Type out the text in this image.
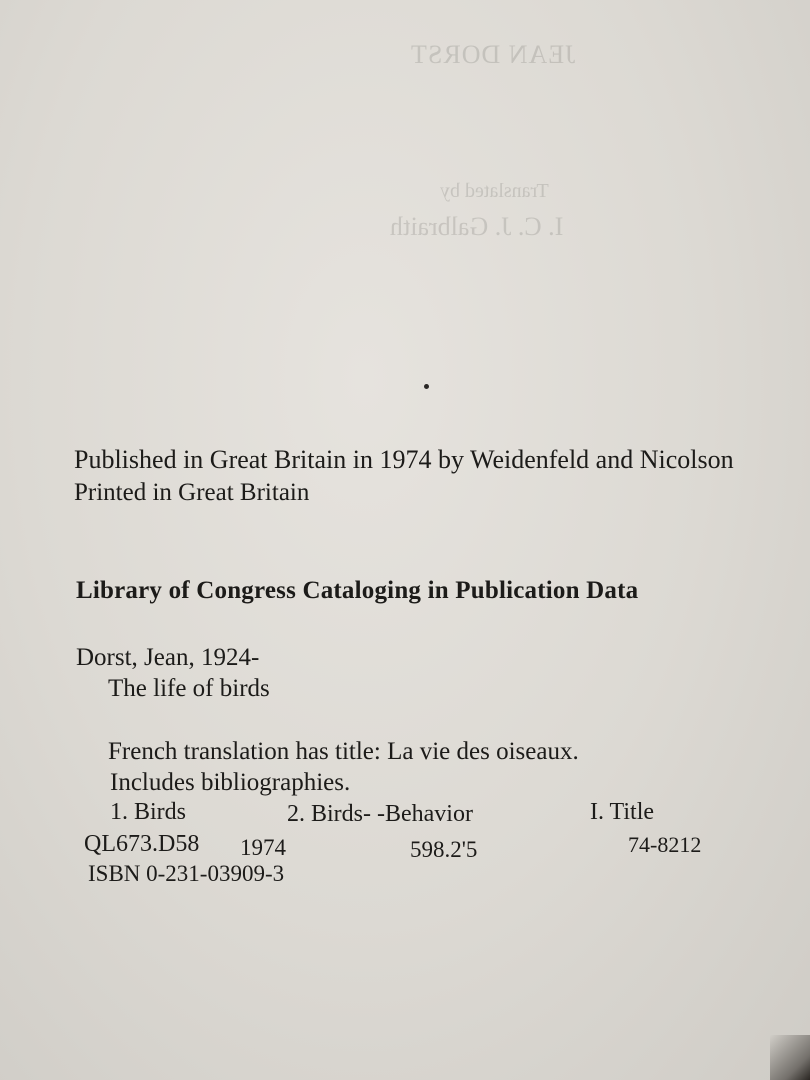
JEAN DORST
Translated by
I. C. J. Galbraith
Published in Great Britain in 1974 by Weidenfeld and Nicolson
Printed in Great Britain
Library of Congress Cataloging in Publication Data
Dorst, Jean, 1924-
The life of birds
French translation has title: La vie des oiseaux.
Includes bibliographies.
1. Birds	2. Birds- -Behavior	I. Title
QL673.D58 1974	598.2'5	74-8212
ISBN 0-231-03909-3
